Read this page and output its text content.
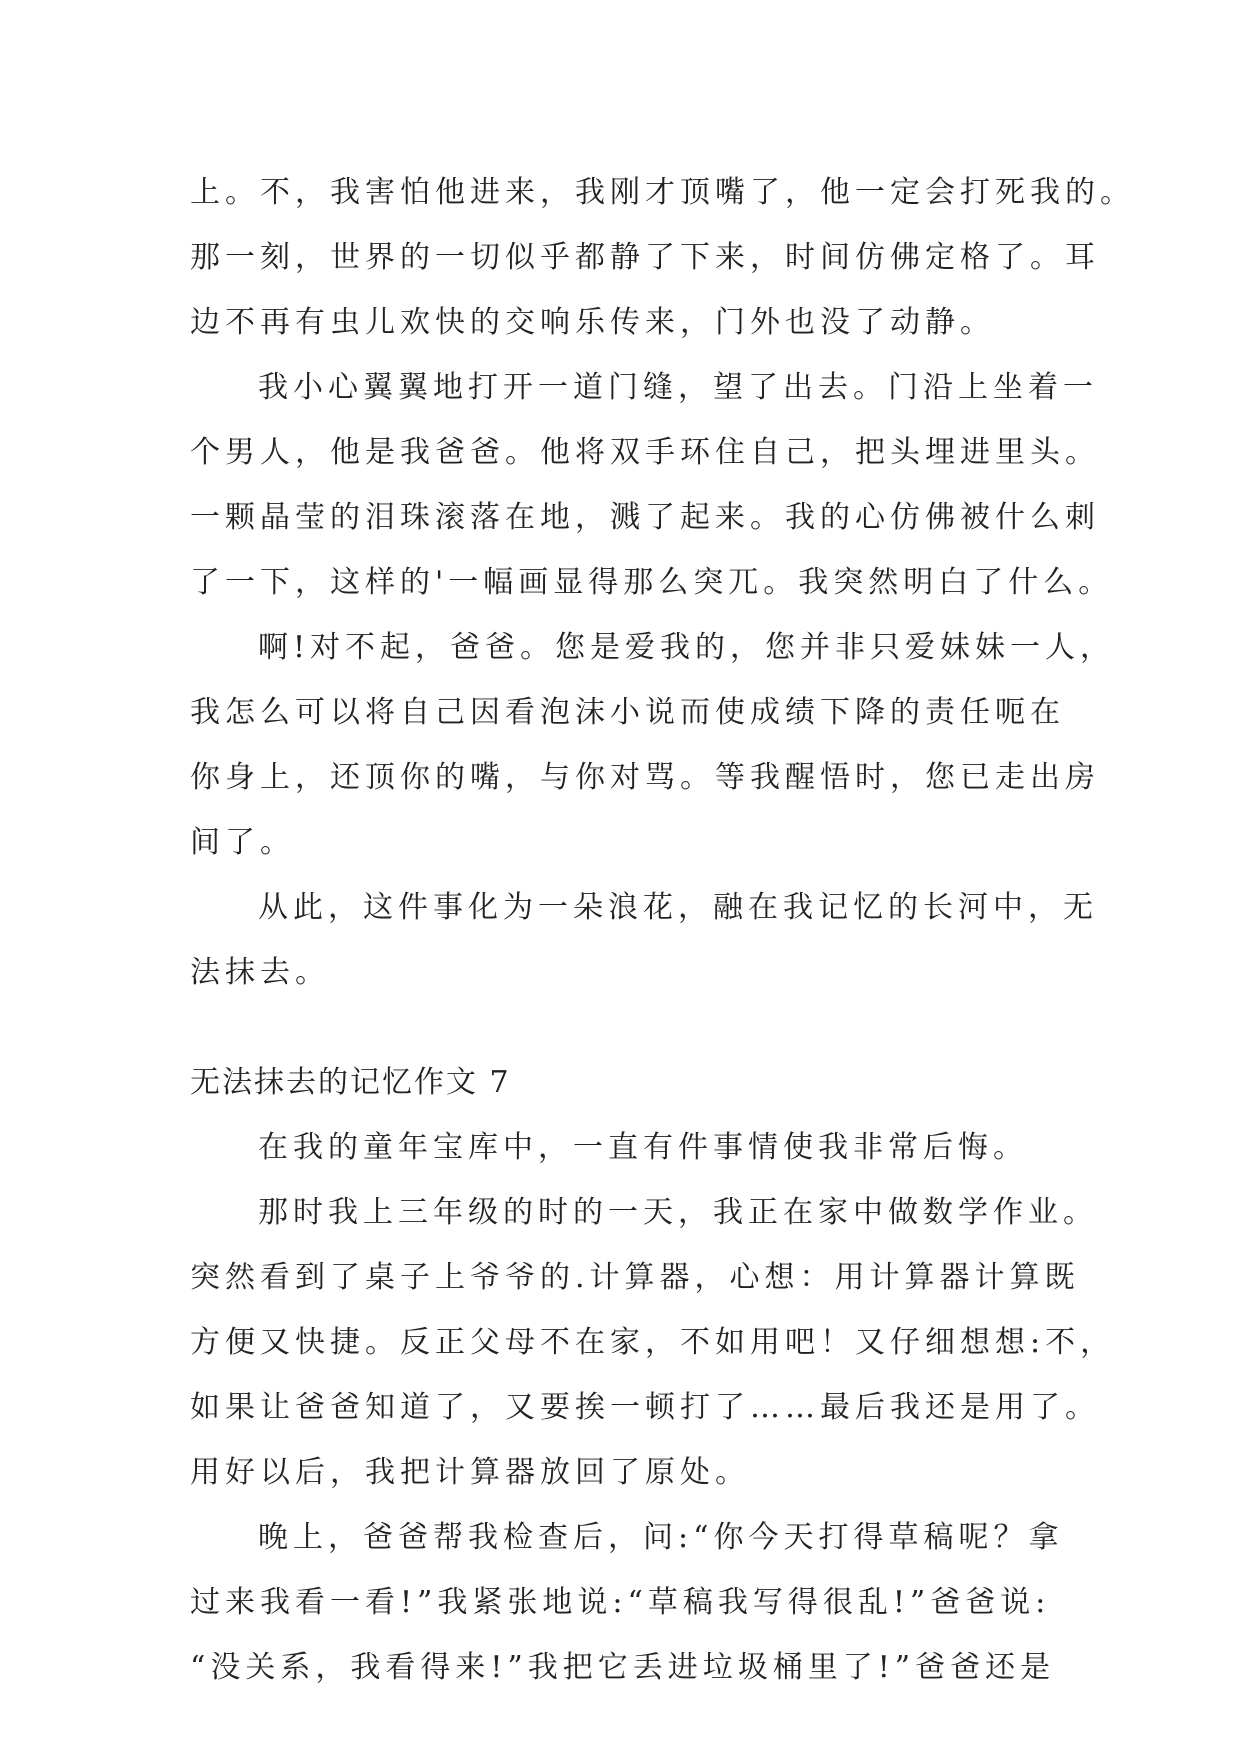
上。不，我害怕他进来，我刚才顶嘴了，他一定会打死我的。
那一刻，世界的一切似乎都静了下来，时间仿佛定格了。耳
边不再有虫儿欢快的交响乐传来，门外也没了动静。
我小心翼翼地打开一道门缝，望了出去。门沿上坐着一
个男人，他是我爸爸。他将双手环住自己，把头埋进里头。
一颗晶莹的泪珠滚落在地，溅了起来。我的心仿佛被什么刺
了一下，这样的'一幅画显得那么突兀。我突然明白了什么。
啊!对不起，爸爸。您是爱我的，您并非只爱妹妹一人，
我怎么可以将自己因看泡沫小说而使成绩下降的责任呃在
你身上，还顶你的嘴，与你对骂。等我醒悟时，您已走出房
间了。
从此，这件事化为一朵浪花，融在我记忆的长河中，无
法抹去。
无法抹去的记忆作文 7
在我的童年宝库中，一直有件事情使我非常后悔。
那时我上三年级的时的一天，我正在家中做数学作业。
突然看到了桌子上爷爷的.计算器，心想：用计算器计算既
方便又快捷。反正父母不在家，不如用吧！又仔细想想:不，
如果让爸爸知道了，又要挨一顿打了……最后我还是用了。
用好以后，我把计算器放回了原处。
晚上，爸爸帮我检查后，问:“你今天打得草稿呢？拿
过来我看一看!”我紧张地说:“草稿我写得很乱!”爸爸说:
“没关系，我看得来!”我把它丢进垃圾桶里了!”爸爸还是
